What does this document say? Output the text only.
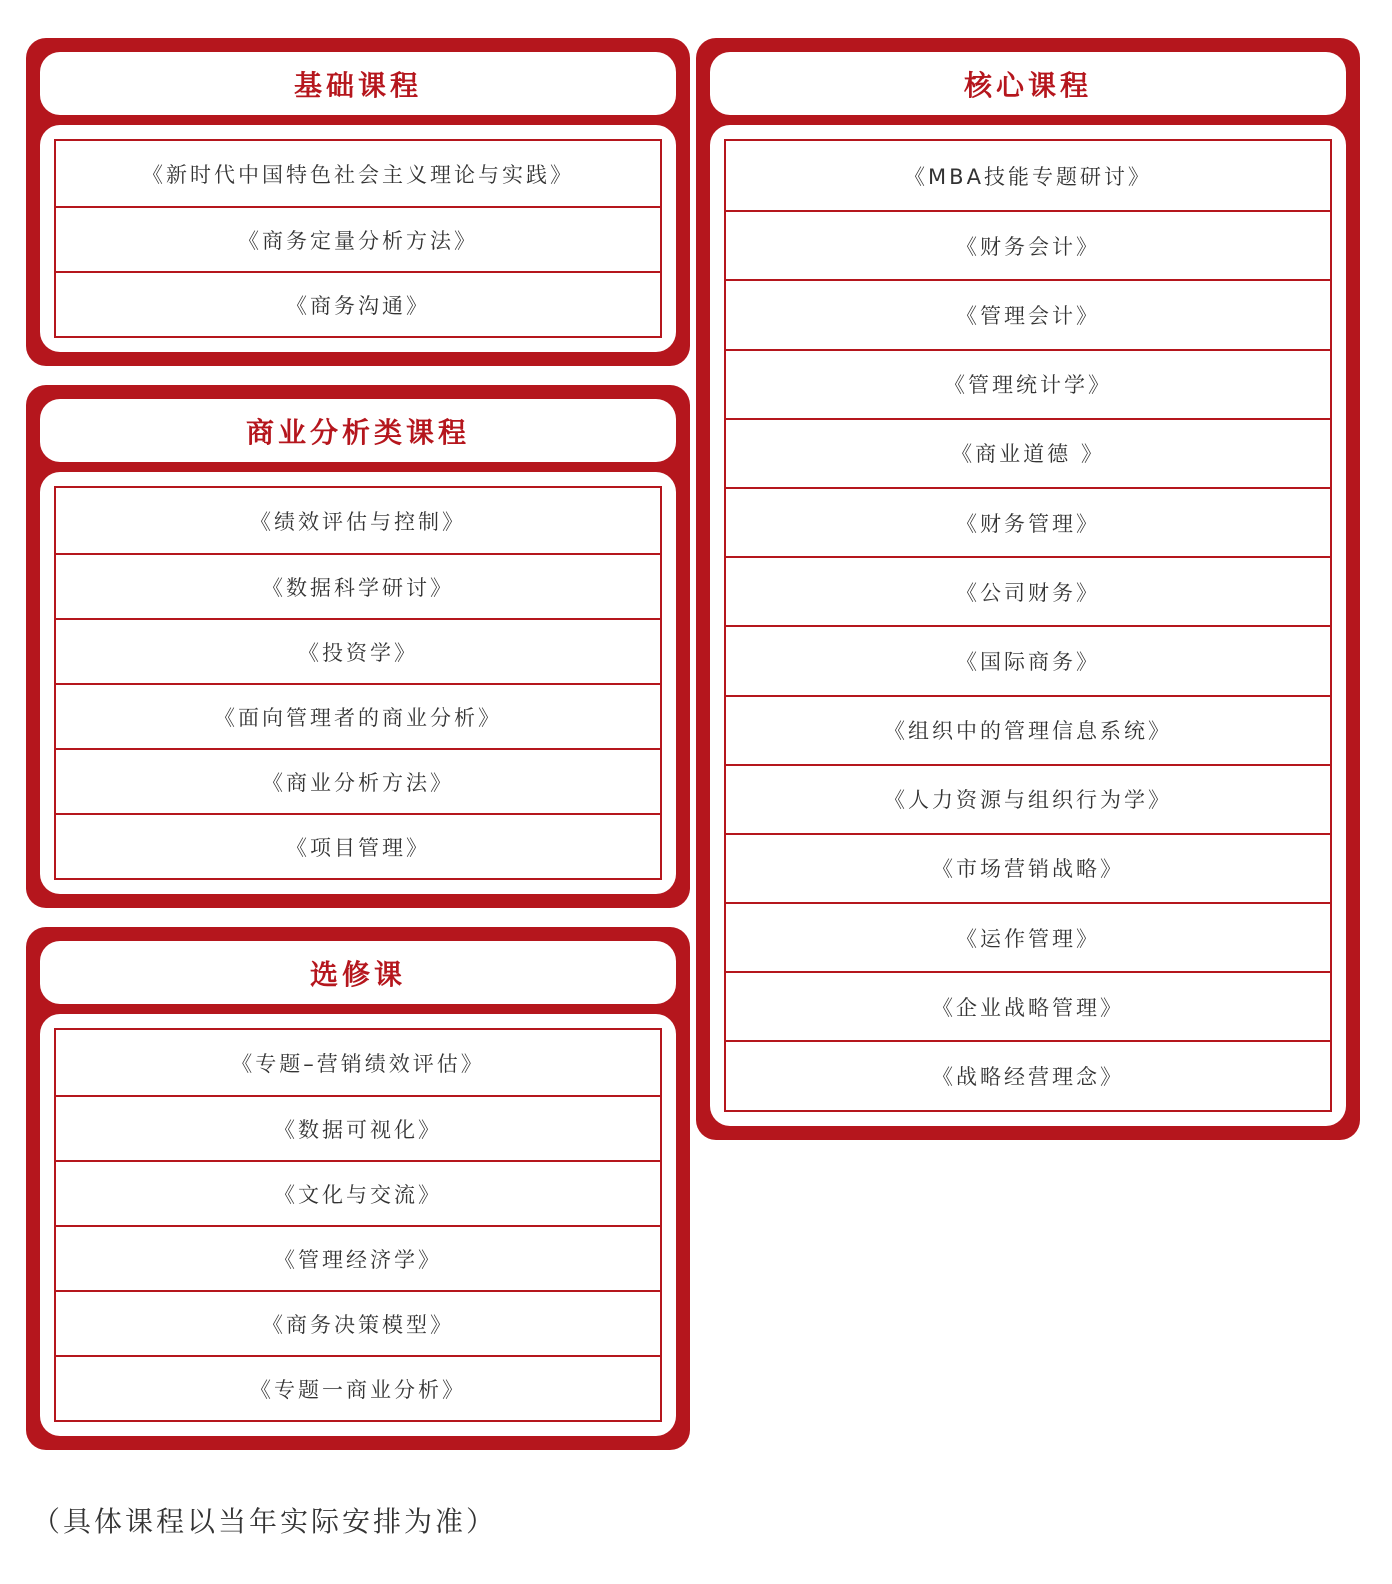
基础课程
《新时代中国特色社会主义理论与实践》
《商务定量分析方法》
《商务沟通》
商业分析类课程
《绩效评估与控制》
《数据科学研讨》
《投资学》
《面向管理者的商业分析》
《商业分析方法》
《项目管理》
选修课
《专题–营销绩效评估》
《数据可视化》
《文化与交流》
《管理经济学》
《商务决策模型》
《专题一商业分析》
核心课程
《MBA技能专题研讨》
《财务会计》
《管理会计》
《管理统计学》
《商业道德 》
《财务管理》
《公司财务》
《国际商务》
《组织中的管理信息系统》
《人力资源与组织行为学》
《市场营销战略》
《运作管理》
《企业战略管理》
《战略经营理念》
（具体课程以当年实际安排为准）
